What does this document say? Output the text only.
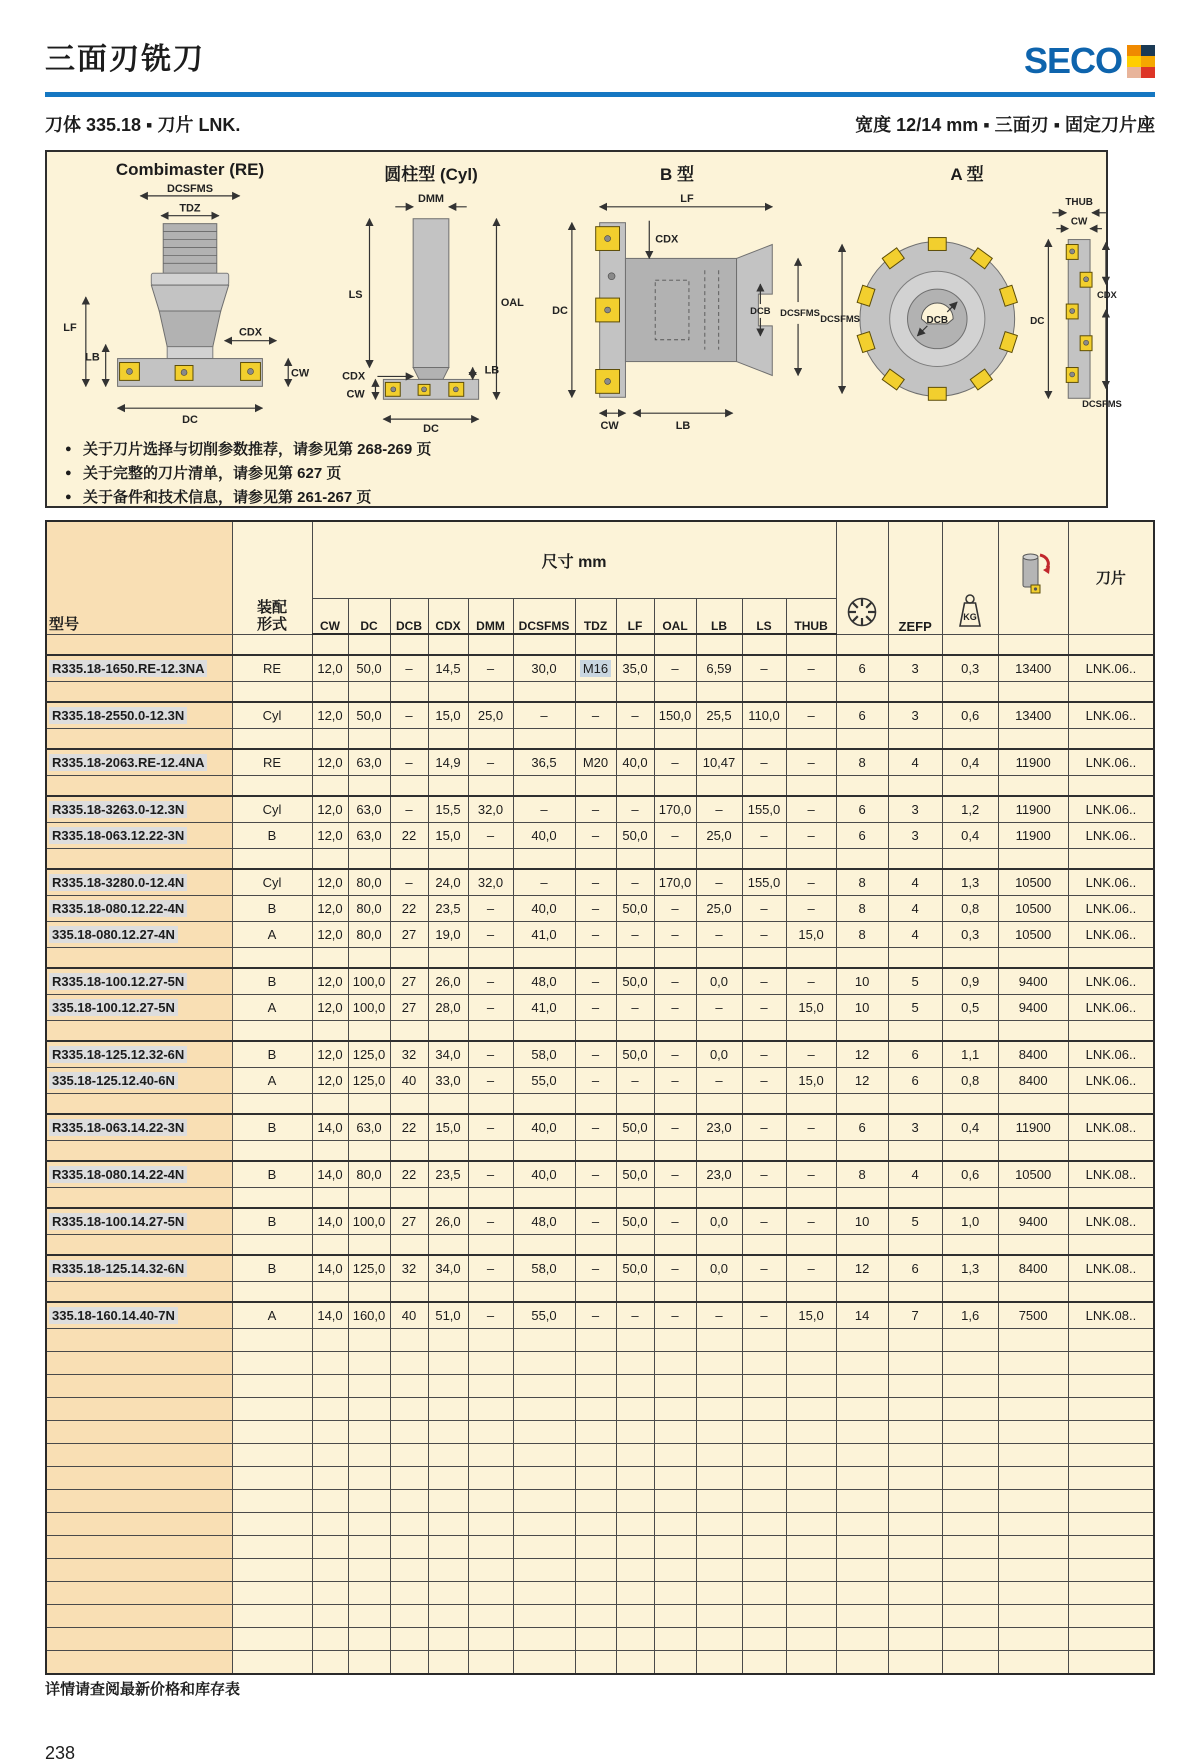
三面刃铣刀	SECO
刀体 335.18 ▪ 刀片 LNK.	宽度 12/14 mm ▪ 三面刃 ▪ 固定刀片座
Combimaster (RE)
DCSFMS
TDZ
LF
LB
CDX
CW
DC
圆柱型 (Cyl)
DMM
LS
OAL
CDX
CW
LB
DC
B 型
LF
CDX
DC	DCB DCSFMS
CW	LB
A 型
DCB
DCSFMS
THUB
CW
CDX
DC
DCSFMS
● 关于刀片选择与切削参数推荐，请参见第 268-269 页
● 关于完整的刀片清单，请参见第 627 页
● 关于备件和技术信息，请参见第 261-267 页
型号	装配
形式	尺寸 mm													ZEFP	KG		刀片
		CW	DC	DCB	CDX	DMM	DCSFMS	TDZ	LF	OAL	LB	LS	THUB					

R335.18-1650.RE-12.3NA	RE	12,0	50,0	–	14,5	–	30,0	M16	35,0	–	6,59	–	–	6	3	0,3	13400	LNK.06..

R335.18-2550.0-12.3N	Cyl	12,0	50,0	–	15,0	25,0	–	–	–	150,0	25,5	110,0	–	6	3	0,6	13400	LNK.06..

R335.18-2063.RE-12.4NA	RE	12,0	63,0	–	14,9	–	36,5	M20	40,0	–	10,47	–	–	8	4	0,4	11900	LNK.06..

R335.18-3263.0-12.3N	Cyl	12,0	63,0	–	15,5	32,0	–	–	–	170,0	–	155,0	–	6	3	1,2	11900	LNK.06..
R335.18-063.12.22-3N	B	12,0	63,0	22	15,0	–	40,0	–	50,0	–	25,0	–	–	6	3	0,4	11900	LNK.06..

R335.18-3280.0-12.4N	Cyl	12,0	80,0	–	24,0	32,0	–	–	–	170,0	–	155,0	–	8	4	1,3	10500	LNK.06..
R335.18-080.12.22-4N	B	12,0	80,0	22	23,5	–	40,0	–	50,0	–	25,0	–	–	8	4	0,8	10500	LNK.06..
335.18-080.12.27-4N	A	12,0	80,0	27	19,0	–	41,0	–	–	–	–	–	15,0	8	4	0,3	10500	LNK.06..

R335.18-100.12.27-5N	B	12,0	100,0	27	26,0	–	48,0	–	50,0	–	0,0	–	–	10	5	0,9	9400	LNK.06..
335.18-100.12.27-5N	A	12,0	100,0	27	28,0	–	41,0	–	–	–	–	–	15,0	10	5	0,5	9400	LNK.06..

R335.18-125.12.32-6N	B	12,0	125,0	32	34,0	–	58,0	–	50,0	–	0,0	–	–	12	6	1,1	8400	LNK.06..
335.18-125.12.40-6N	A	12,0	125,0	40	33,0	–	55,0	–	–	–	–	–	15,0	12	6	0,8	8400	LNK.06..

R335.18-063.14.22-3N	B	14,0	63,0	22	15,0	–	40,0	–	50,0	–	23,0	–	–	6	3	0,4	11900	LNK.08..

R335.18-080.14.22-4N	B	14,0	80,0	22	23,5	–	40,0	–	50,0	–	23,0	–	–	8	4	0,6	10500	LNK.08..

R335.18-100.14.27-5N	B	14,0	100,0	27	26,0	–	48,0	–	50,0	–	0,0	–	–	10	5	1,0	9400	LNK.08..

R335.18-125.14.32-6N	B	14,0	125,0	32	34,0	–	58,0	–	50,0	–	0,0	–	–	12	6	1,3	8400	LNK.08..

335.18-160.14.40-7N	A	14,0	160,0	40	51,0	–	55,0	–	–	–	–	–	15,0	14	7	1,6	7500	LNK.08..

详情请查阅最新价格和库存表
238
